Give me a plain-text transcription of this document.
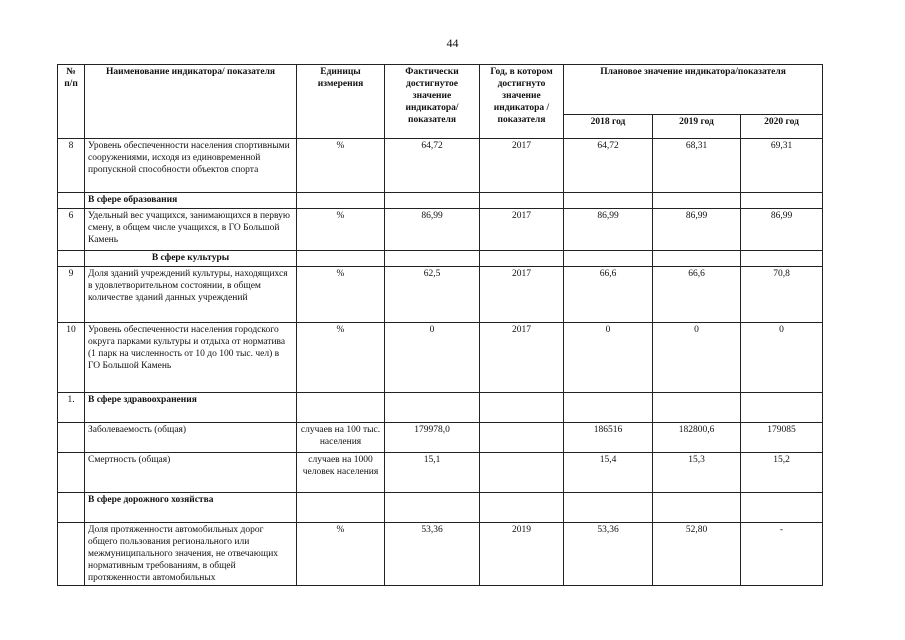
44
№ п/п	Наименование индикатора/ показателя	Единицы измерения	Фактически достигнутое значение индикатора/ показателя	Год, в котором достигнуто значение индикатора /показателя	Плановое значение индикатора/показателя		
					2018 год	2019 год	2020 год
8	Уровень обеспеченности населения спортивными сооружениями, исходя из единовременной пропускной способности объектов спорта	%	64,72	2017	64,72	68,31	69,31
	В сфере образования						
6	Удельный вес учащихся, занимающихся в первую смену, в общем числе учащихся, в ГО Большой Камень	%	86,99	2017	86,99	86,99	86,99
	В сфере культуры						
9	Доля зданий учреждений культуры, находящихся в удовлетворительном состоянии, в общем количестве зданий данных учреждений	%	62,5	2017	66,6	66,6	70,8
10	Уровень обеспеченности населения городского округа парками культуры и отдыха от норматива (1 парк на численность от 10 до 100 тыс. чел) в ГО Большой Камень	%	0	2017	0	0	0
1.	В сфере здравоохранения						
	Заболеваемость (общая)	случаев на 100 тыс. населения	179978,0		186516	182800,6	179085
	Смертность (общая)	случаев на 1000 человек населения	15,1		15,4	15,3	15,2
	В сфере дорожного хозяйства						
	Доля протяженности автомобильных дорог общего пользования регионального или межмуниципального значения, не отвечающих нормативным требованиям, в общей протяженности автомобильных	%	53,36	2019	53,36	52,80	-
